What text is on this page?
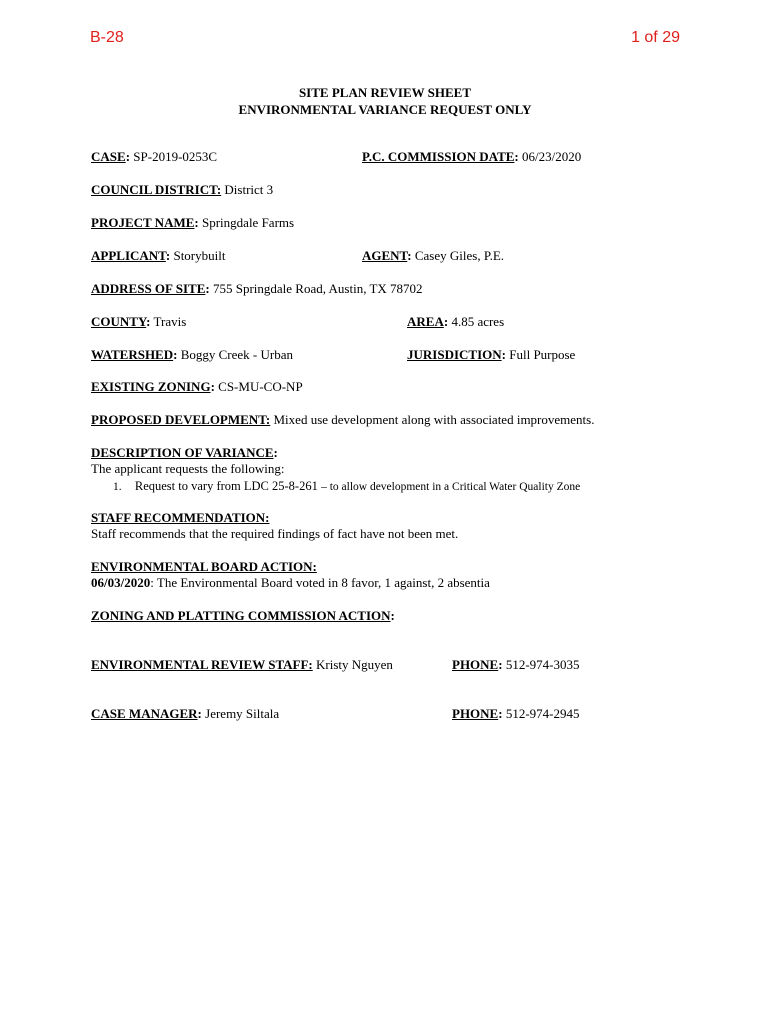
B-28	1 of 29
SITE PLAN REVIEW SHEET
ENVIRONMENTAL VARIANCE REQUEST ONLY
CASE: SP-2019-0253C	P.C. COMMISSION DATE: 06/23/2020
COUNCIL DISTRICT: District 3
PROJECT NAME: Springdale Farms
APPLICANT: Storybuilt	AGENT: Casey Giles, P.E.
ADDRESS OF SITE: 755 Springdale Road, Austin, TX 78702
COUNTY: Travis	AREA: 4.85 acres
WATERSHED: Boggy Creek - Urban	JURISDICTION: Full Purpose
EXISTING ZONING: CS-MU-CO-NP
PROPOSED DEVELOPMENT: Mixed use development along with associated improvements.
DESCRIPTION OF VARIANCE:
The applicant requests the following:
1. Request to vary from LDC 25-8-261 – to allow development in a Critical Water Quality Zone
STAFF RECOMMENDATION:
Staff recommends that the required findings of fact have not been met.
ENVIRONMENTAL BOARD ACTION:
06/03/2020: The Environmental Board voted in 8 favor, 1 against, 2 absentia
ZONING AND PLATTING COMMISSION ACTION:
ENVIRONMENTAL REVIEW STAFF: Kristy Nguyen	PHONE: 512-974-3035
CASE MANAGER: Jeremy Siltala	PHONE: 512-974-2945
